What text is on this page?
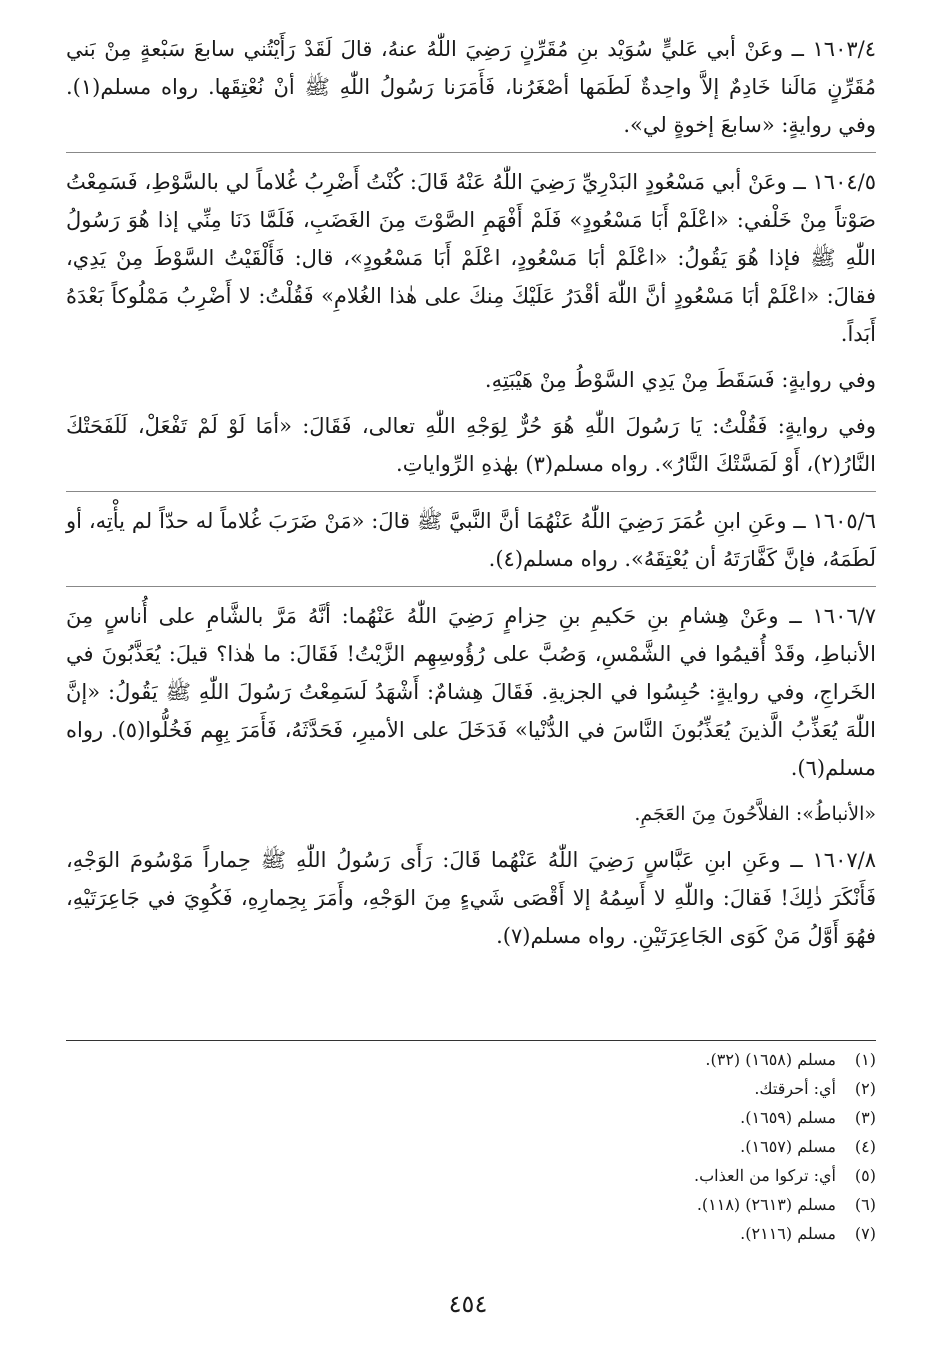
١٦٠٣/٤ ــ وعَنْ أبي عَليٍّ سُوَيْد بنِ مُقَرِّنٍ رَضِيَ اللّٰهُ عنهُ، قالَ لَقَدْ رَأَيْتُني سابعَ سَبْعةٍ مِنْ بَني مُقَرِّنٍ مَالَنا خَادِمٌ إلاَّ واحِدةٌ لَطَمَها أصْغَرُنا، فَأَمَرَنا رَسُولُ اللّٰهِ ﷺ أنْ نُعْتِقَها. رواه مسلم(١). وفي روايةٍ: «سابعَ إخوةٍ لي».

١٦٠٤/٥ ــ وعَنْ أبي مَسْعُودٍ البَدْرِيِّ رَضِيَ اللّٰهُ عَنْهُ قَالَ: كُنْتُ أَضْرِبُ غُلاماً لي بالسَّوْطِ، فَسَمِعْتُ صَوْتاً مِنْ خَلْفي: «اعْلَمْ أَبَا مَسْعُودٍ» فَلَمْ أَفْهَمِ الصَّوْتَ مِنَ الغَضَبِ، فَلَمَّا دَنَا مِنِّي إذا هُوَ رَسُولُ اللّٰهِ ﷺ فإذا هُوَ يَقُولُ: «اعْلَمْ أبَا مَسْعُودٍ، اعْلَمْ أَبَا مَسْعُودٍ»، قال: فَأَلْقَيْتُ السَّوْطَ مِنْ يَدِي، فقالَ: «اعْلَمْ أبَا مَسْعُودٍ أنَّ اللّٰهَ أقْدَرُ عَلَيْكَ مِنكَ على هٰذا الغُلامِ» فَقُلْتُ: لا أَضْرِبُ مَمْلُوكاً بَعْدَهُ أَبَداً.

وفي روايةٍ: فَسَقَطَ مِنْ يَدِي السَّوْطُ مِنْ هَيْبَتِهِ.

وفي روايةٍ: فَقُلْتُ: يَا رَسُولَ اللّٰهِ هُوَ حُرٌّ لِوَجْهِ اللّٰهِ تعالى، فَقَالَ: «أمَا لَوْ لَمْ تَفْعَلْ، لَلَفَحَتْكَ النَّارُ(٢)، أَوْ لَمَسَّتْكَ النَّارُ». رواه مسلم(٣) بهٰذهِ الرِّواياتِ.

١٦٠٥/٦ ــ وعَنِ ابنِ عُمَرَ رَضِيَ اللّٰهُ عَنْهُمَا أنَّ النَّبيَّ ﷺ قالَ: «مَنْ ضَرَبَ غُلاماً له حدّاً لم يأْتِه، أو لَطَمَهُ، فإنَّ كَفَّارَتَهُ أن يُعْتِقَهُ». رواه مسلم(٤).

١٦٠٦/٧ ــ وعَنْ هِشامِ بنِ حَكيمِ بنِ حِزامٍ رَضِيَ اللّٰهُ عَنْهُما: أنَّهُ مَرَّ بالشَّامِ على أُناسٍ مِنَ الأنباطِ، وقَدْ أُقيمُوا في الشَّمْسِ، وَصُبَّ على رُؤُوسِهِم الزَّيْتُ! فَقَالَ: ما هٰذا؟ قيلَ: يُعَذَّبُونَ في الخَراجِ، وفي روايةٍ: حُبِسُوا في الجزيةِ. فَقَالَ هِشامٌ: أَشْهَدُ لَسَمِعْتُ رَسُولَ اللّٰهِ ﷺ يَقُولُ: «إنَّ اللّٰهَ يُعَذِّبُ الَّذينَ يُعَذِّبُونَ النَّاسَ في الدُّنْيا» فَدَخَلَ على الأميرِ، فَحَدَّثَهُ، فَأَمَرَ بِهِم فَخُلُّوا(٥). رواه مسلم(٦).

«الأنباطُ»: الفلاَّحُونَ مِنَ العَجَمِ.

١٦٠٧/٨ ــ وعَنِ ابنِ عَبَّاسٍ رَضِيَ اللّٰهُ عَنْهُما قَالَ: رَأَى رَسُولُ اللّٰهِ ﷺ حِماراً مَوْسُومَ الوَجْهِ، فَأَنْكَرَ ذٰلِكَ! فَقالَ: واللّٰهِ لا أَسِمُهُ إلا أَقْصَى شَيءٍ مِنَ الوَجْهِ، وأَمَرَ بِحِمارِهِ، فَكُوِيَ في جَاعِرَتَيْهِ، فهُوَ أَوَّلُ مَنْ كَوَى الجَاعِرَتَيْنِ. رواه مسلم(٧).

(١)مسلم (١٦٥٨) (٣٢).
(٢)أي: أحرقتك.
(٣)مسلم (١٦٥٩).
(٤)مسلم (١٦٥٧).
(٥)أي: تركوا من العذاب.
(٦)مسلم (٢٦١٣) (١١٨).
(٧)مسلم (٢١١٦).
٤٥٤
